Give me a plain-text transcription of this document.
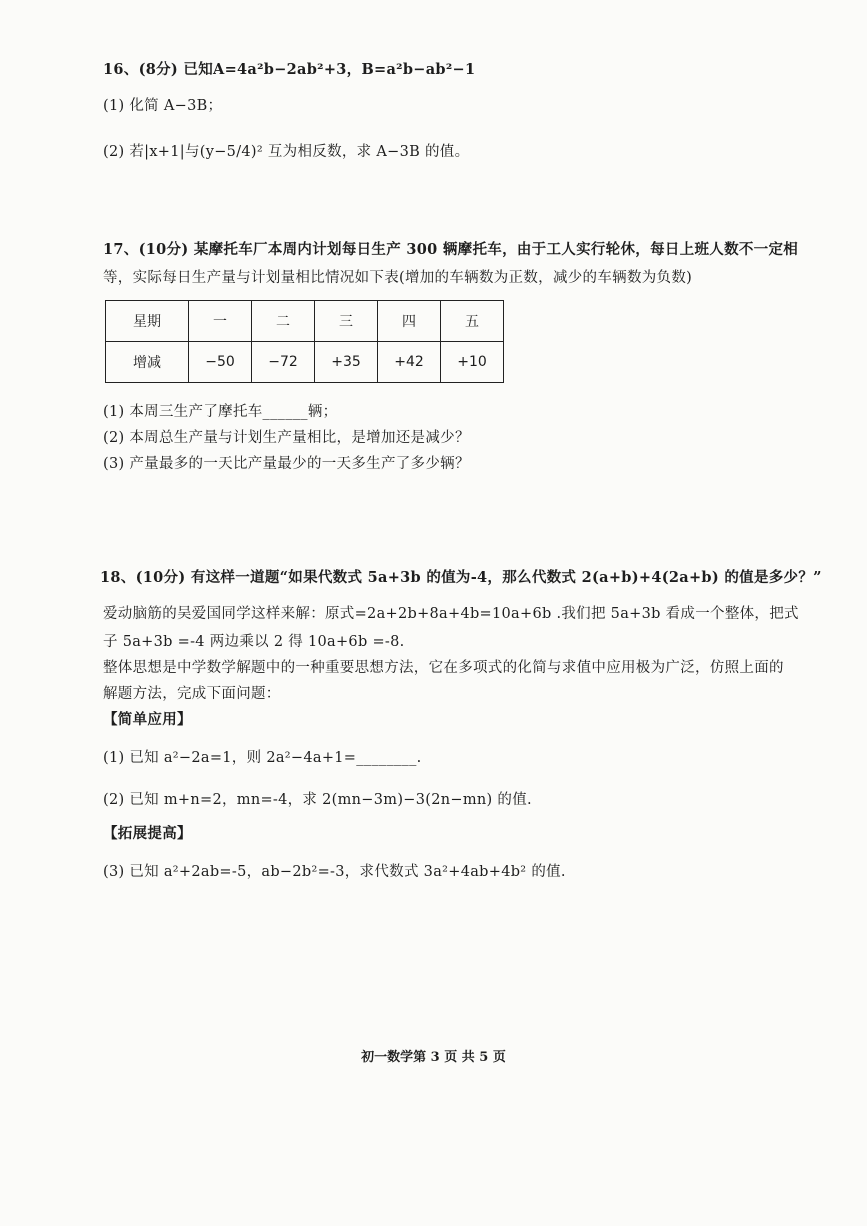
16、(8分) 已知A=4a²b−2ab²+3，B=a²b−ab²−1
(1) 化简 A−3B；
(2) 若|x+1|与(y−5/4)² 互为相反数，求 A−3B 的值。
17、(10分) 某摩托车厂本周内计划每日生产 300 辆摩托车，由于工人实行轮休，每日上班人数不一定相
等，实际每日生产量与计划量相比情况如下表(增加的车辆数为正数，减少的车辆数为负数)
星期	一	二	三	四	五
增减	−50	−72	+35	+42	+10
(1) 本周三生产了摩托车______辆；
(2) 本周总生产量与计划生产量相比，是增加还是减少？
(3) 产量最多的一天比产量最少的一天多生产了多少辆？
18、(10分) 有这样一道题“如果代数式 5a+3b 的值为-4，那么代数式 2(a+b)+4(2a+b) 的值是多少？”
爱动脑筋的吴爱国同学这样来解：原式=2a+2b+8a+4b=10a+6b .我们把 5a+3b 看成一个整体，把式
子 5a+3b =-4 两边乘以 2 得 10a+6b =-8.
整体思想是中学数学解题中的一种重要思想方法，它在多项式的化简与求值中应用极为广泛，仿照上面的
解题方法，完成下面问题：
【简单应用】
(1) 已知 a²−2a=1，则 2a²−4a+1=________.
(2) 已知 m+n=2，mn=-4，求 2(mn−3m)−3(2n−mn) 的值.
【拓展提高】
(3) 已知 a²+2ab=-5，ab−2b²=-3，求代数式 3a²+4ab+4b² 的值.
初一数学第 3 页 共 5 页
